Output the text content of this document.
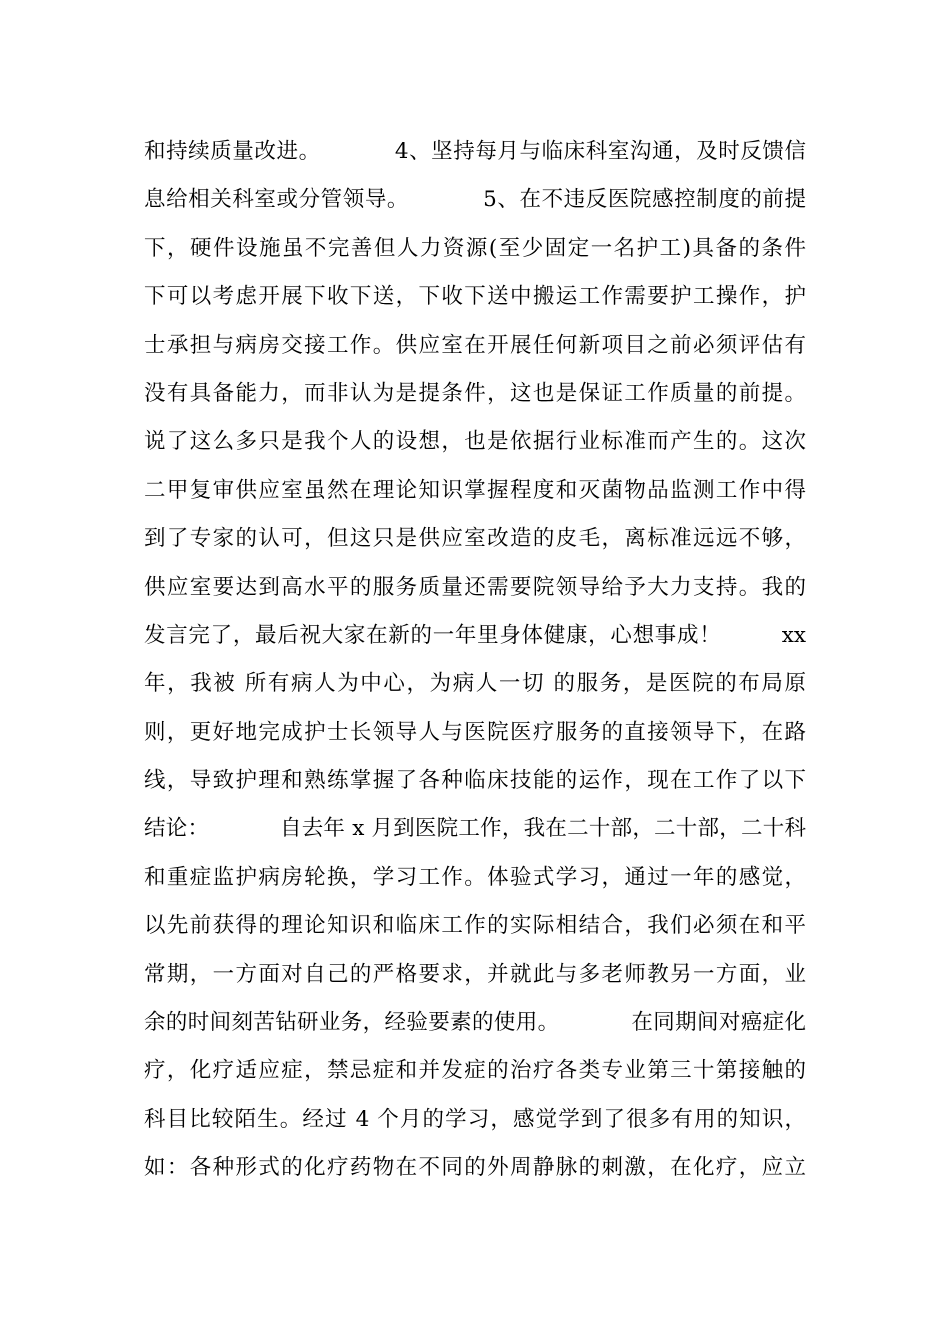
和持续质量改进。          4、坚持每月与临床科室沟通，及时反馈信
息给相关科室或分管领导。          5、在不违反医院感控制度的前提
下，硬件设施虽不完善但人力资源(至少固定一名护工)具备的条件
下可以考虑开展下收下送，下收下送中搬运工作需要护工操作，护
士承担与病房交接工作。供应室在开展任何新项目之前必须评估有
没有具备能力，而非认为是提条件，这也是保证工作质量的前提。
说了这么多只是我个人的设想，也是依据行业标准而产生的。这次
二甲复审供应室虽然在理论知识掌握程度和灭菌物品监测工作中得
到了专家的认可，但这只是供应室改造的皮毛，离标准远远不够，
供应室要达到高水平的服务质量还需要院领导给予大力支持。我的
发言完了，最后祝大家在新的一年里身体健康，心想事成！        xx
年，我被 所有病人为中心，为病人一切 的服务，是医院的布局原
则，更好地完成护士长领导人与医院医疗服务的直接领导下，在路
线，导致护理和熟练掌握了各种临床技能的运作，现在工作了以下
结论：          自去年 x 月到医院工作，我在二十部，二十部，二十科
和重症监护病房轮换，学习工作。体验式学习，通过一年的感觉，
以先前获得的理论知识和临床工作的实际相结合，我们必须在和平
常期，一方面对自己的严格要求，并就此与多老师教另一方面，业
余的时间刻苦钻研业务，经验要素的使用。          在同期间对癌症化
疗，化疗适应症，禁忌症和并发症的治疗各类专业第三十第接触的
科目比较陌生。经过 4 个月的学习，感觉学到了很多有用的知识，
如：各种形式的化疗药物在不同的外周静脉的刺激，在化疗，应立
